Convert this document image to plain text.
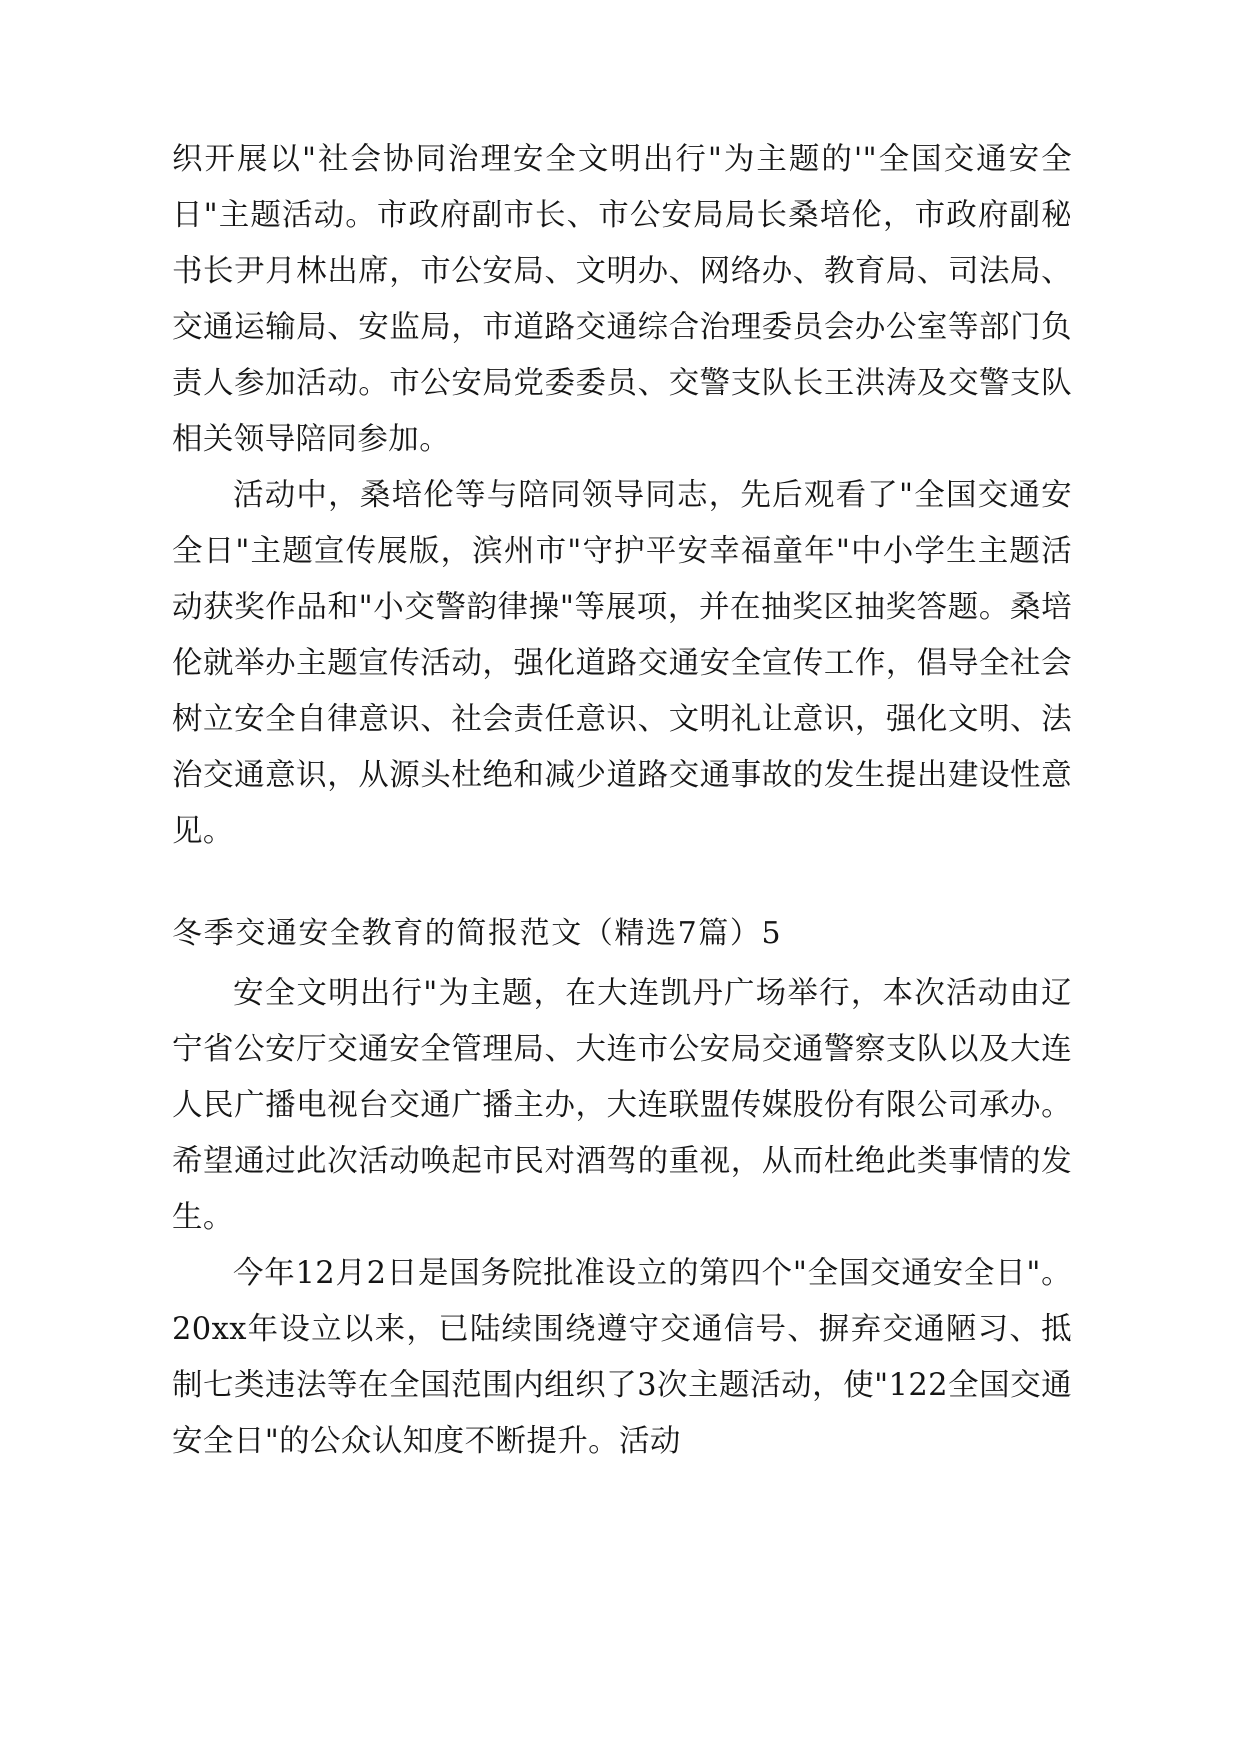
织开展以"社会协同治理安全文明出行"为主题的'"全国交通安全日"主题活动。市政府副市长、市公安局局长桑培伦，市政府副秘书长尹月林出席，市公安局、文明办、网络办、教育局、司法局、交通运输局、安监局，市道路交通综合治理委员会办公室等部门负责人参加活动。市公安局党委委员、交警支队长王洪涛及交警支队相关领导陪同参加。

活动中，桑培伦等与陪同领导同志，先后观看了"全国交通安全日"主题宣传展版，滨州市"守护平安幸福童年"中小学生主题活动获奖作品和"小交警韵律操"等展项，并在抽奖区抽奖答题。桑培伦就举办主题宣传活动，强化道路交通安全宣传工作，倡导全社会树立安全自律意识、社会责任意识、文明礼让意识，强化文明、法治交通意识，从源头杜绝和减少道路交通事故的发生提出建设性意见。

冬季交通安全教育的简报范文（精选7篇）5

安全文明出行"为主题，在大连凯丹广场举行，本次活动由辽宁省公安厅交通安全管理局、大连市公安局交通警察支队以及大连人民广播电视台交通广播主办，大连联盟传媒股份有限公司承办。希望通过此次活动唤起市民对酒驾的重视，从而杜绝此类事情的发生。

今年12月2日是国务院批准设立的第四个"全国交通安全日"。20xx年设立以来，已陆续围绕遵守交通信号、摒弃交通陋习、抵制七类违法等在全国范围内组织了3次主题活动，使"122全国交通安全日"的公众认知度不断提升。活动
